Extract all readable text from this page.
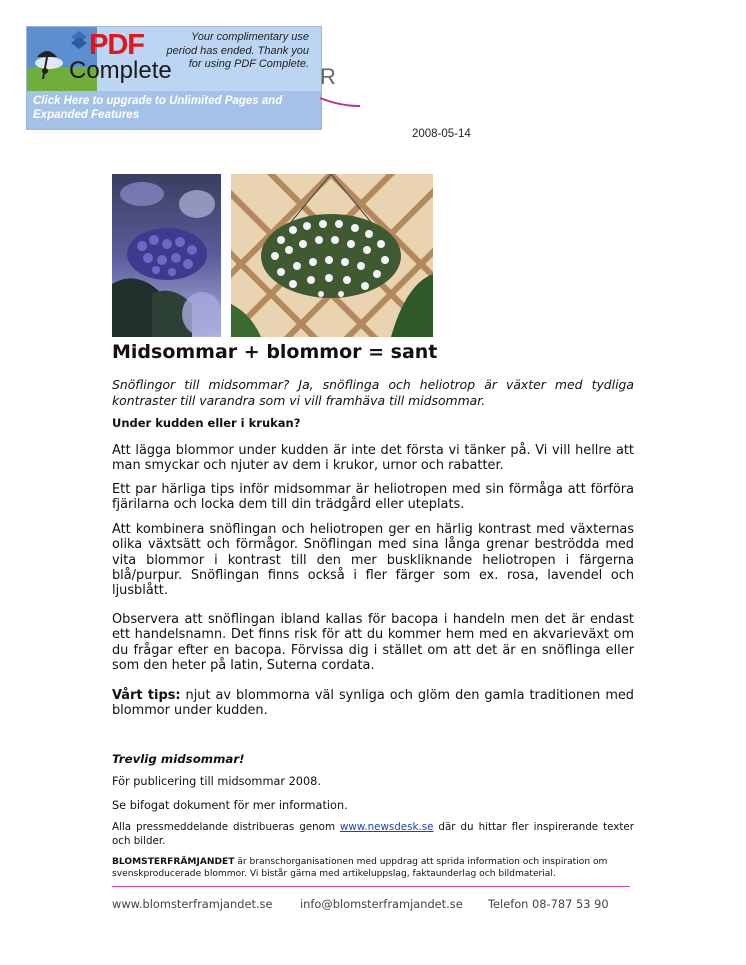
PDF
Complete
Your complimentary use period has ended. Thank you for using PDF Complete.
Click Here to upgrade to Unlimited Pages and Expanded Features
R
2008-05-14
Midsommar + blommor = sant
Snöflingor till midsommar? Ja, snöflinga och heliotrop är växter med tydliga kontraster till varandra som vi vill framhäva till midsommar.
Under kudden eller i krukan?

Att lägga blommor under kudden är inte det första vi tänker på. Vi vill hellre att man smyckar och njuter av dem i krukor, urnor och rabatter.

Ett par härliga tips inför midsommar är heliotropen med sin förmåga att förföra fjärilarna och locka dem till din trädgård eller uteplats.

Att kombinera snöflingan och heliotropen ger en härlig kontrast med växternas olika växtsätt och förmågor. Snöflingan med sina långa grenar beströdda med vita blommor i kontrast till den mer buskliknande heliotropen i färgerna blå/purpur. Snöflingan finns också i fler färger som ex. rosa, lavendel och ljusblått.

Observera att snöflingan ibland kallas för bacopa i handeln men det är endast ett handelsnamn. Det finns risk för att du kommer hem med en akvarieväxt om du frågar efter en bacopa. Förvissa dig i stället om att det är en snöflinga eller som den heter på latin, Suterna cordata.

Vårt tips: njut av blommorna väl synliga och glöm den gamla traditionen med blommor under kudden.

Trevlig midsommar!
För publicering till midsommar 2008.
Se bifogat dokument för mer information.
Alla pressmeddelande distribueras genom www.newsdesk.se där du hittar fler inspirerande texter och bilder.
BLOMSTERFRÄMJANDET är branschorganisationen med uppdrag att sprida information och inspiration om svenskproducerade blommor. Vi bistår gärna med artikeluppslag, faktaunderlag och bildmaterial.
www.blomsterframjandet.se info@blomsterframjandet.se Telefon 08-787 53 90
